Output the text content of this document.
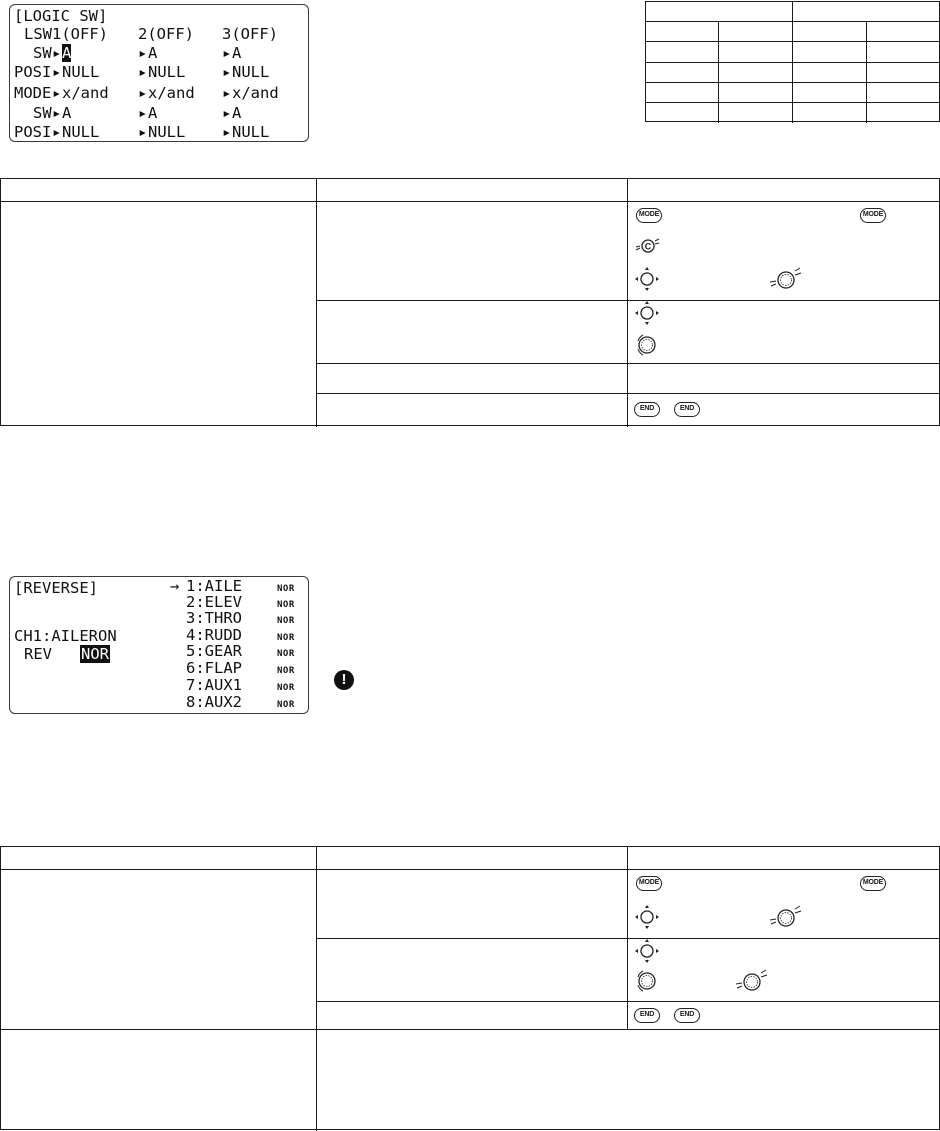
[LOGIC SW]
LSW1(OFF) 2(OFF) 3(OFF)
SW ▸ A	▸ A	▸ A
POSI ▸ NULL ▸ NULL ▸ NULL
MODE ▸ x/and ▸ x/and ▸ x/and
SW ▸ A	▸ A	▸ A
POSI ▸ NULL ▸ NULL ▸ NULL
MODE	MODE
C
END	END
[REVERSE]
CH1:AILERON
REV NOR
→ 1:AILE	NOR
2:ELEV	NOR
3:THRO	NOR
4:RUDD	NOR
5:GEAR	NOR
6:FLAP	NOR
7:AUX1	NOR
8:AUX2	NOR
!
MODE	MODE
END	END
